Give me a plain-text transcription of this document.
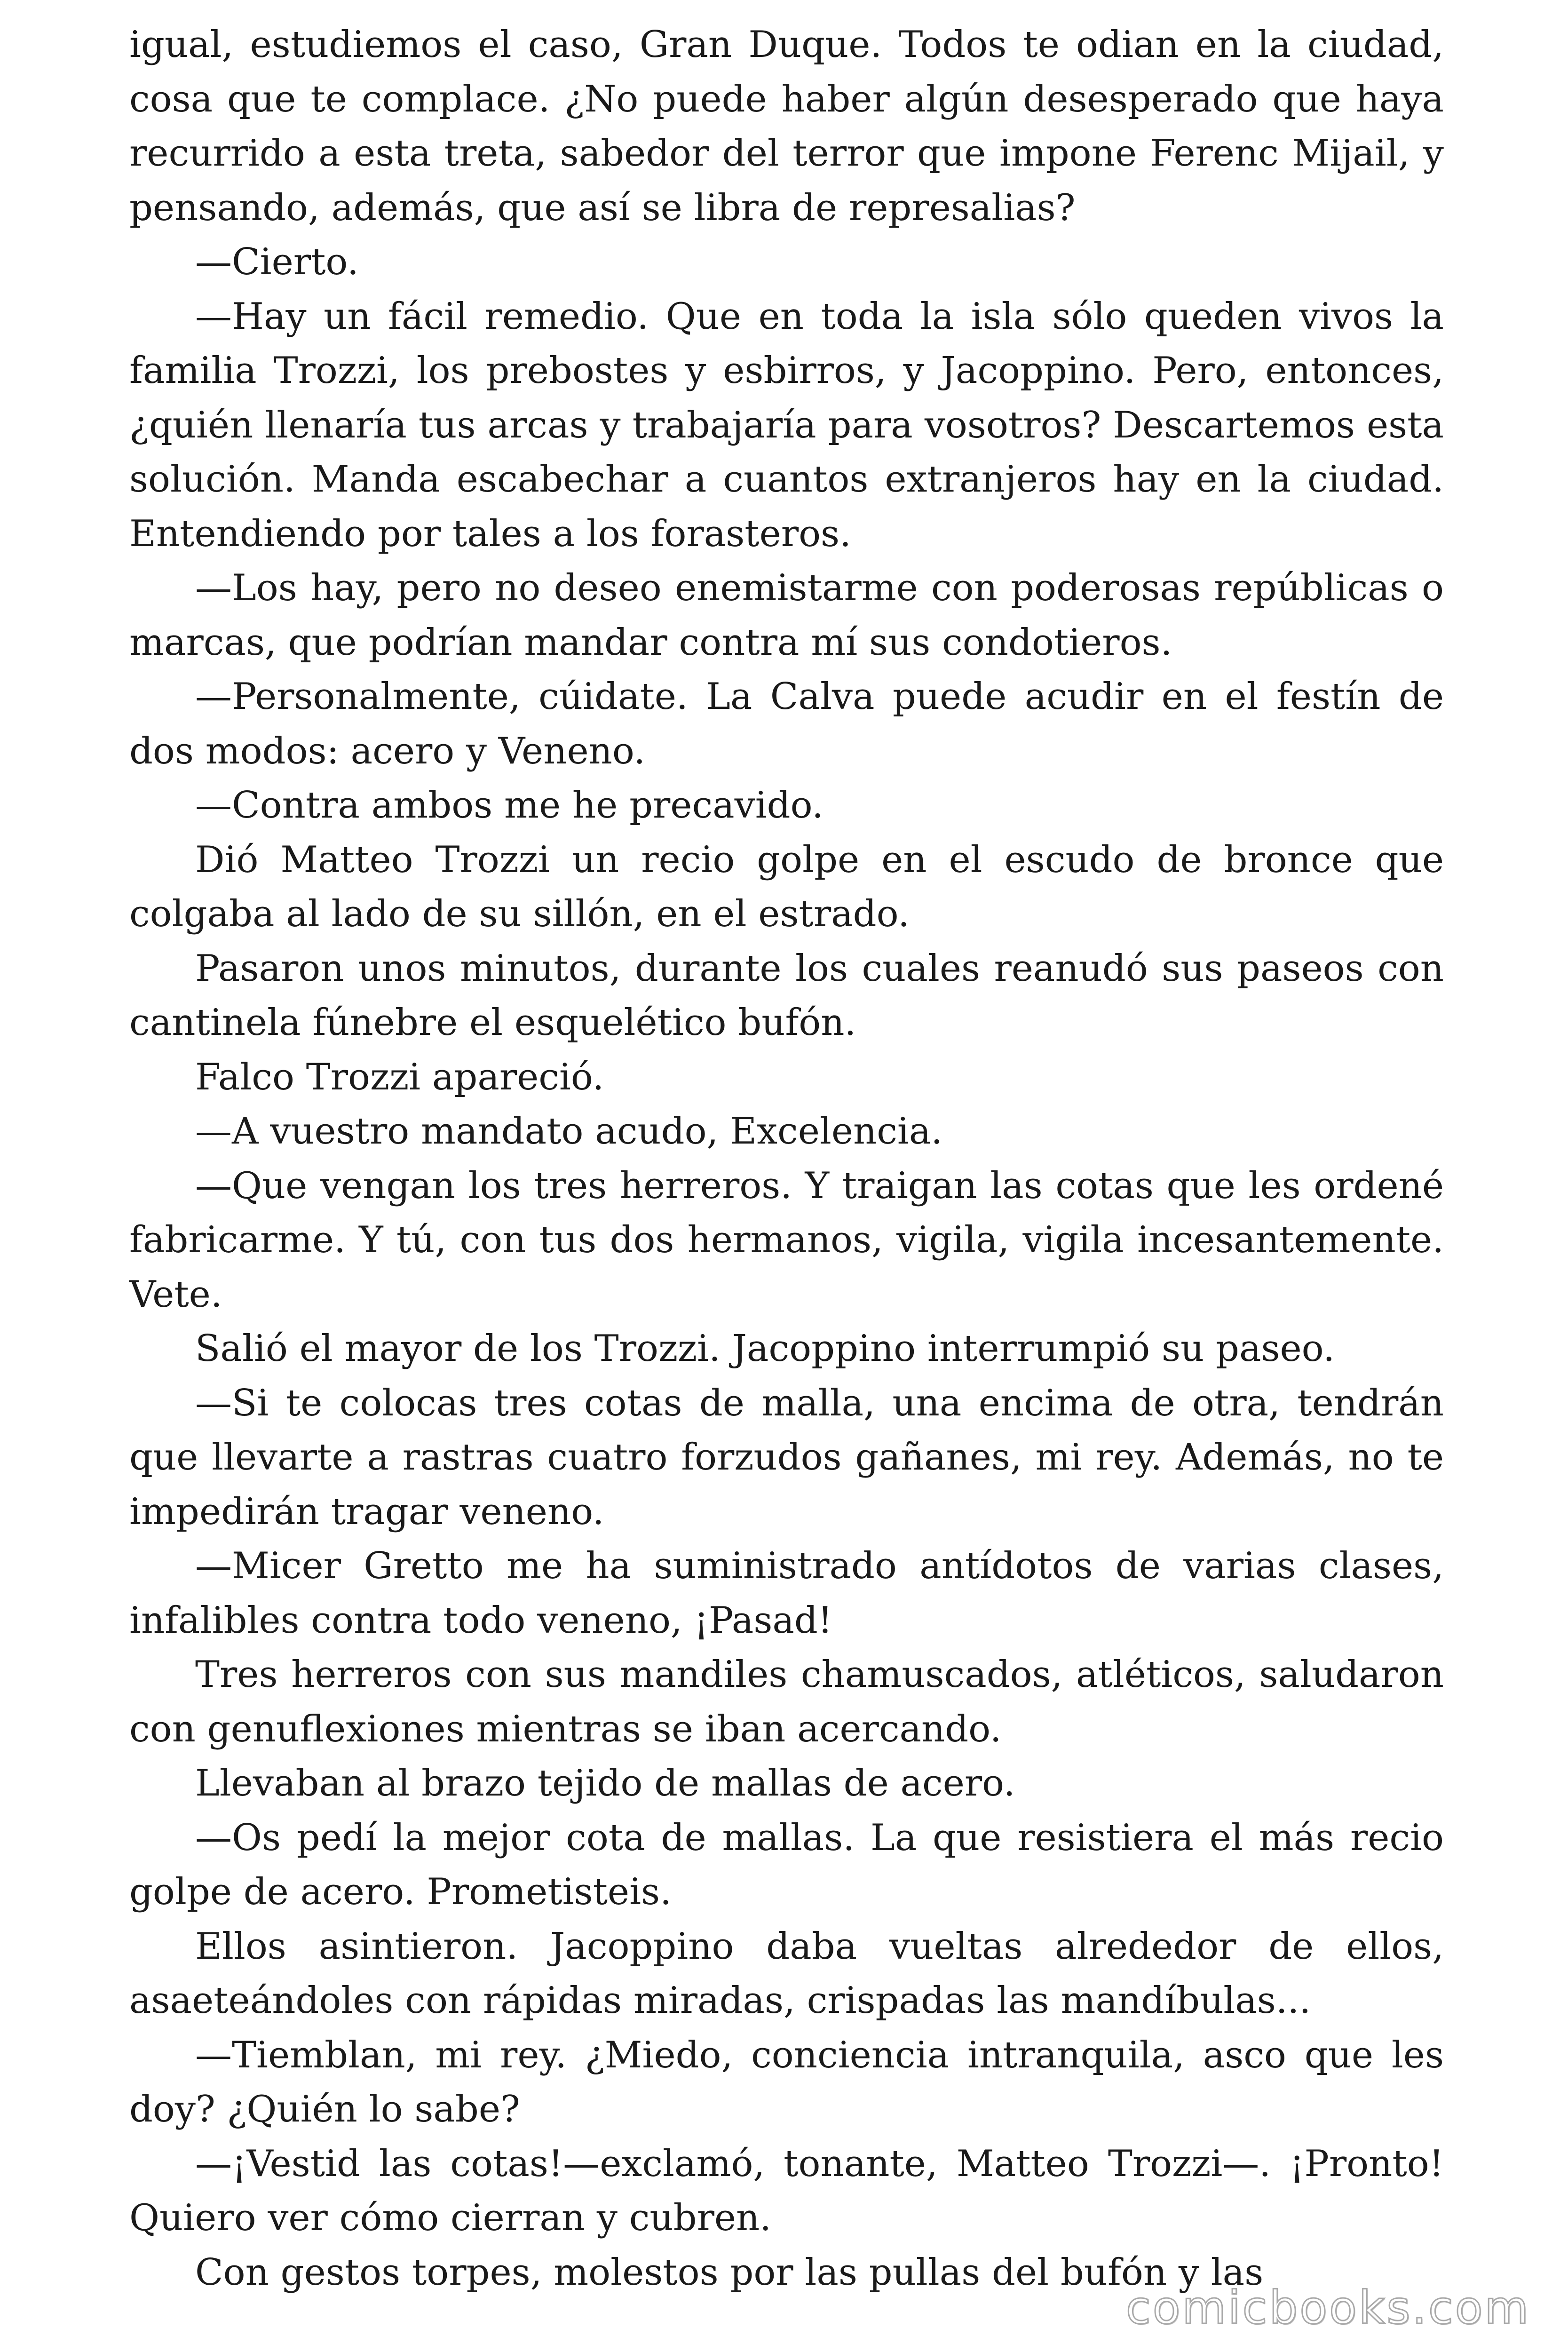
igual, estudiemos el caso, Gran Duque. Todos te odian en la ciudad, cosa que te complace. ¿No puede haber algún desesperado que haya recurrido a esta treta, sabedor del terror que impone Ferenc Mijail, y pensando, además, que así se libra de represalias?

—Cierto.

—Hay un fácil remedio. Que en toda la isla sólo queden vivos la familia Trozzi, los prebostes y esbirros, y Jacoppino. Pero, entonces, ¿quién llenaría tus arcas y trabajaría para vosotros? Descartemos esta solución. Manda escabechar a cuantos extranjeros hay en la ciudad. Entendiendo por tales a los forasteros.

—Los hay, pero no deseo enemistarme con poderosas repúblicas o marcas, que podrían mandar contra mí sus condotieros.

—Personalmente, cúidate. La Calva puede acudir en el festín de dos modos: acero y Veneno.

—Contra ambos me he precavido.

Dió Matteo Trozzi un recio golpe en el escudo de bronce que colgaba al lado de su sillón, en el estrado.

Pasaron unos minutos, durante los cuales reanudó sus paseos con cantinela fúnebre el esquelético bufón.

Falco Trozzi apareció.

—A vuestro mandato acudo, Excelencia.

—Que vengan los tres herreros. Y traigan las cotas que les ordené fabricarme. Y tú, con tus dos hermanos, vigila, vigila incesantemente. Vete.

Salió el mayor de los Trozzi. Jacoppino interrumpió su paseo.

—Si te colocas tres cotas de malla, una encima de otra, tendrán que llevarte a rastras cuatro forzudos gañanes, mi rey. Además, no te impedirán tragar veneno.

—Micer Gretto me ha suministrado antídotos de varias clases, infalibles contra todo veneno, ¡Pasad!

Tres herreros con sus mandiles chamuscados, atléticos, saludaron con genuflexiones mientras se iban acercando.

Llevaban al brazo tejido de mallas de acero.

—Os pedí la mejor cota de mallas. La que resistiera el más recio golpe de acero. Prometisteis.

Ellos asintieron. Jacoppino daba vueltas alrededor de ellos, asaeteándoles con rápidas miradas, crispadas las mandíbulas...

—Tiemblan, mi rey. ¿Miedo, conciencia intranquila, asco que les doy? ¿Quién lo sabe?

—¡Vestid las cotas!—exclamó, tonante, Matteo Trozzi—. ¡Pronto! Quiero ver cómo cierran y cubren.

Con gestos torpes, molestos por las pullas del bufón y las

comicbooks.com
